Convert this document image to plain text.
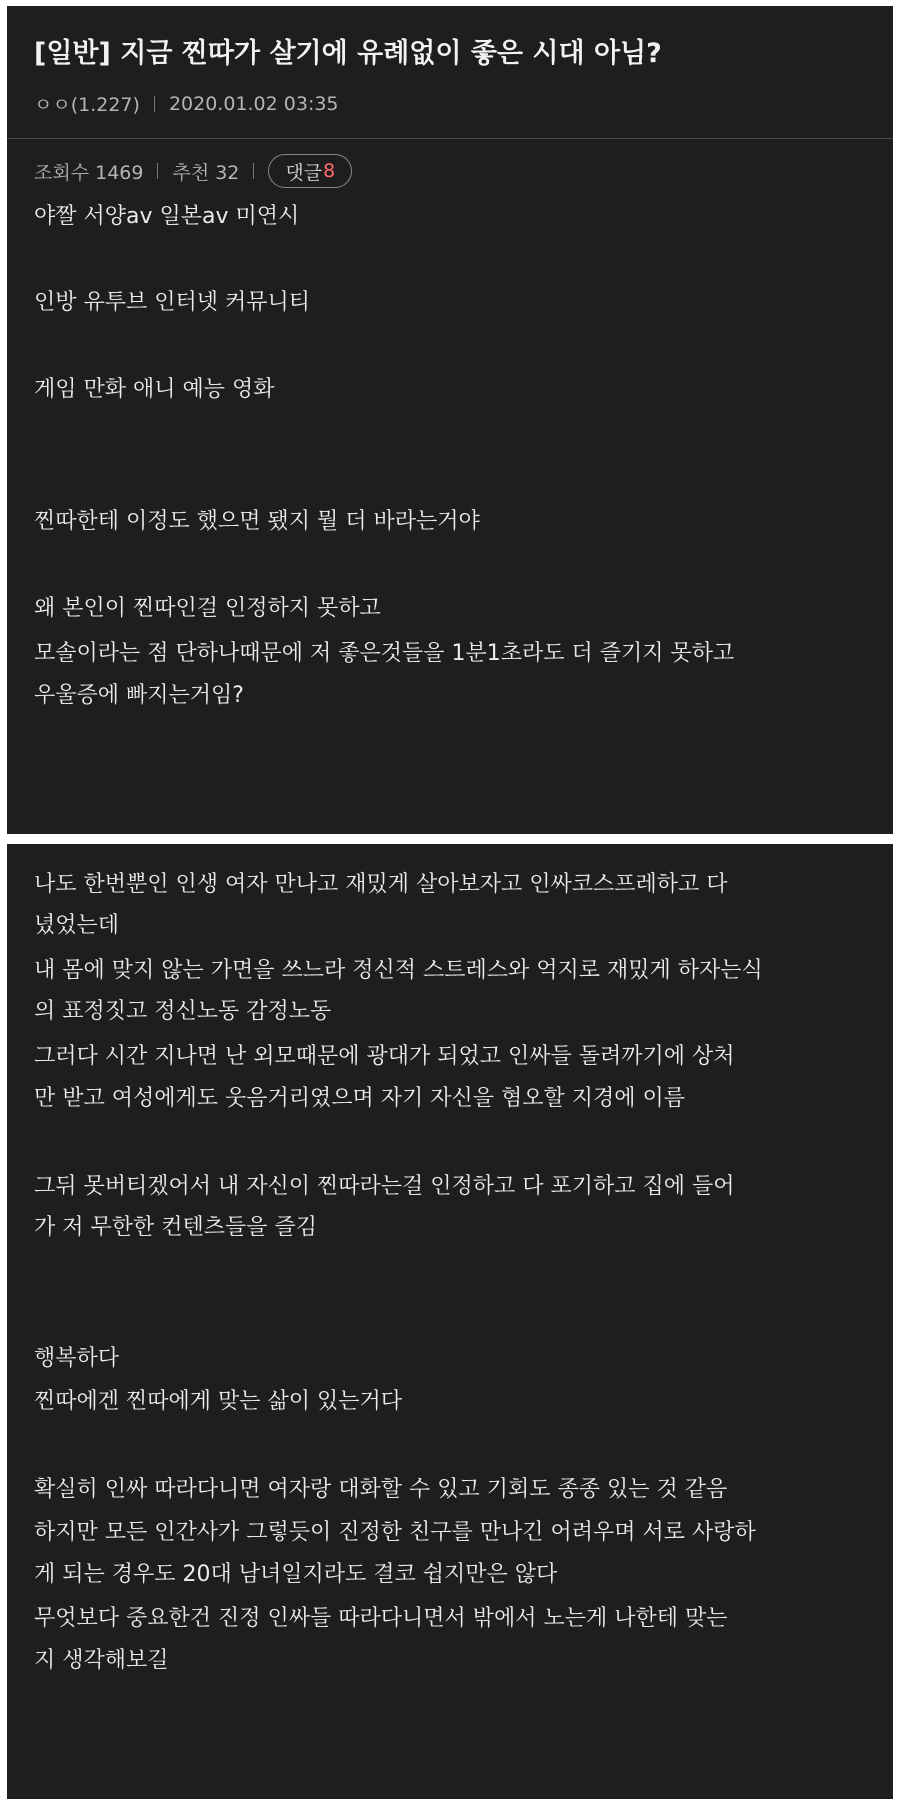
[일반] 지금 찐따가 살기에 유례없이 좋은 시대 아님?
ㅇㅇ(1.227) 2020.01.02 03:35
조회수 1469 추천 32 댓글 8
야짤 서양av 일본av 미연시
인방 유투브 인터넷 커뮤니티
게임 만화 애니 예능 영화
찐따한테 이정도 했으면 됐지 뭘 더 바라는거야
왜 본인이 찐따인걸 인정하지 못하고
모솔이라는 점 단하나때문에 저 좋은것들을 1분1초라도 더 즐기지 못하고
우울증에 빠지는거임?
나도 한번뿐인 인생 여자 만나고 재밌게 살아보자고 인싸코스프레하고 다
녔었는데
내 몸에 맞지 않는 가면을 쓰느라 정신적 스트레스와 억지로 재밌게 하자는식
의 표정짓고 정신노동 감정노동
그러다 시간 지나면 난 외모때문에 광대가 되었고 인싸들 돌려까기에 상처
만 받고 여성에게도 웃음거리였으며 자기 자신을 혐오할 지경에 이름
그뒤 못버티겠어서 내 자신이 찐따라는걸 인정하고 다 포기하고 집에 들어
가 저 무한한 컨텐츠들을 즐김
행복하다
찐따에겐 찐따에게 맞는 삶이 있는거다
확실히 인싸 따라다니면 여자랑 대화할 수 있고 기회도 종종 있는 것 같음
하지만 모든 인간사가 그렇듯이 진정한 친구를 만나긴 어려우며 서로 사랑하
게 되는 경우도 20대 남녀일지라도 결코 쉽지만은 않다
무엇보다 중요한건 진정 인싸들 따라다니면서 밖에서 노는게 나한테 맞는
지 생각해보길
